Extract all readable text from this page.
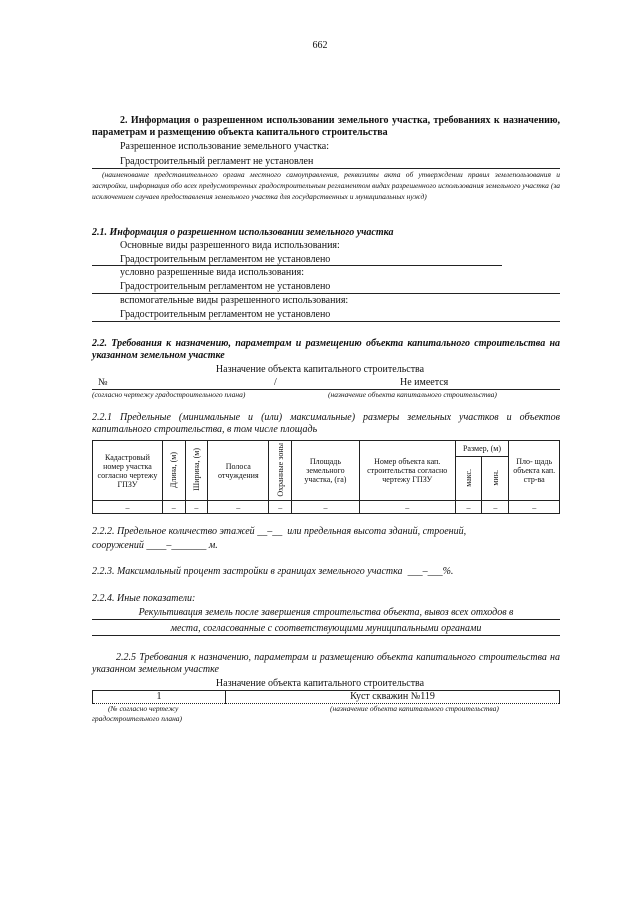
662
2. Информация о разрешенном использовании земельного участка, требованиях к назначению, параметрам и размещению объекта капитального строительства
Разрешенное использование земельного участка:
Градостроительный регламент не установлен
(наименование представительного органа местного самоуправления, реквизиты акта об утверждении правил землепользования и застройки, информация обо всех предусмотренных градостроительным регламентом видах разрешенного использования земельного участка (за исключением случаев предоставления земельного участка для государственных и муниципальных нужд)
2.1. Информация о разрешенном использовании земельного участка
Основные виды разрешенного вида использования:
Градостроительным регламентом не установлено
условно разрешенные вида использования:
Градостроительным регламентом не установлено
вспомогательные виды разрешенного использования:
Градостроительным регламентом не установлено
2.2. Требования к назначению, параметрам и размещению объекта капитального строительства на указанном земельном участке
Назначение объекта капитального строительства
№	/	Не имеется
(согласно чертежу градостроительного плана)	(назначение объекта капитального строительства)
2.2.1 Предельные (минимальные и (или) максимальные) размеры земельных участков и объектов капитального строительства, в том числе площадь
Кадастровый номер участка согласно чертежу ГПЗУ	Длина, (м)	Ширина, (м)	Полоса отчуждения	Охранные зоны	Площадь земельного участка, (га)	Номер объекта кап. строительства согласно чертежу ГПЗУ	Размер, (м)		Пло- щадь объекта кап. стр-ва
							макс.	мин.	
–	–	–	–	–	–	–	–	–	–
2.2.2. Предельное количество этажей __–__ или предельная высота зданий, строений,
сооружений ____–_______ м.
2.2.3. Максимальный процент застройки в границах земельного участка ___–___%.
2.2.4. Иные показатели:
Рекультивация земель после завершения строительства объекта, вывоз всех отходов в
места, согласованные с соответствующими муниципальными органами
2.2.5 Требования к назначению, параметрам и размещению объекта капитального строительства на указанном земельном участке
Назначение объекта капитального строительства
1	Куст скважин №119
(№ согласно чертежу
градостроительного плана)
(назначение объекта капитального строительства)
